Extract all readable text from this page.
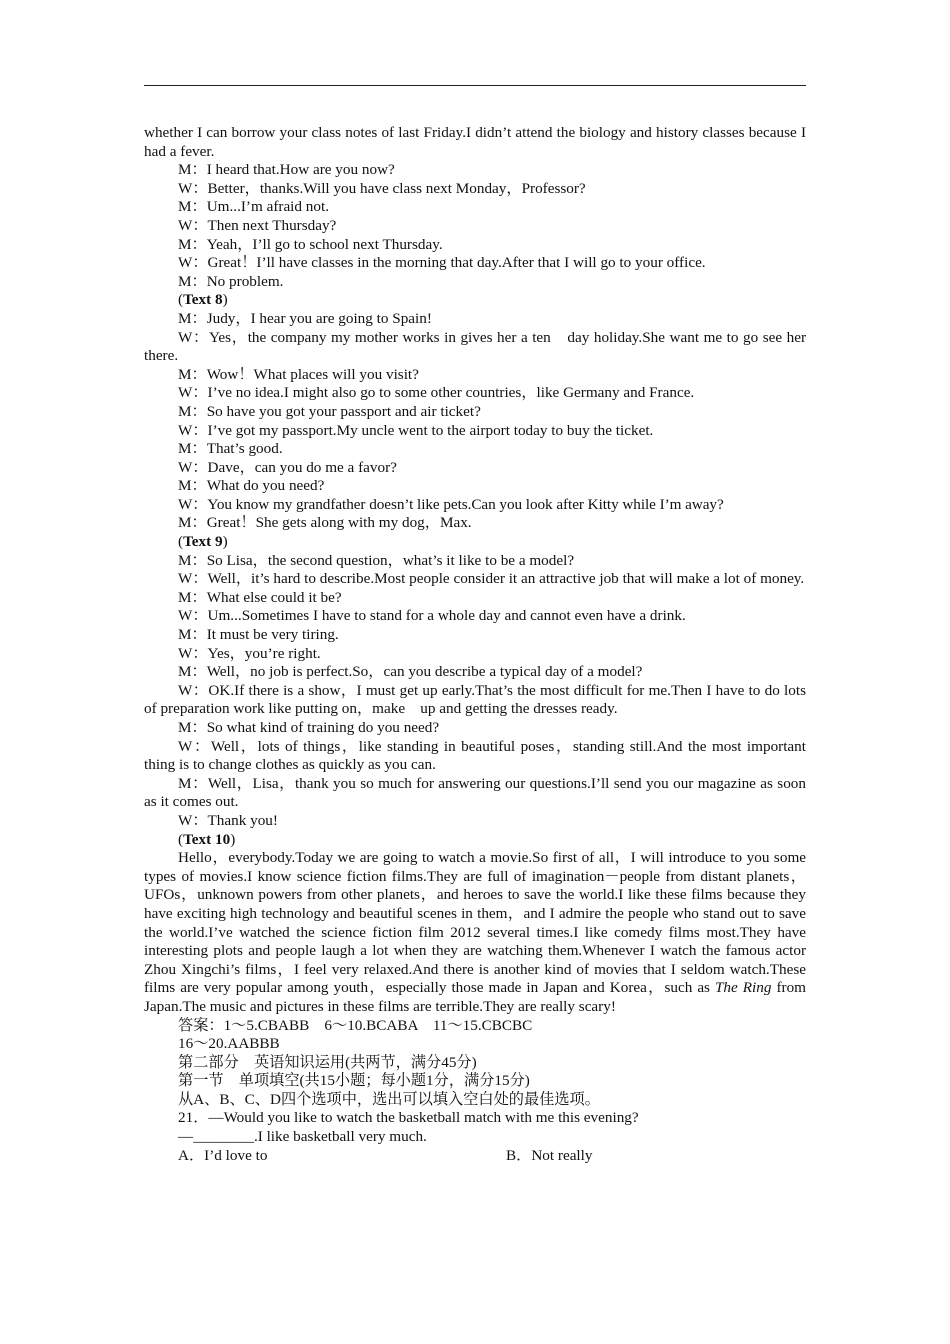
whether I can borrow your class notes of last Friday.I didn’t attend the biology and history classes because I had a fever.

M：I heard that.How are you now?

W：Better，thanks.Will you have class next Monday，Professor?

M：Um...I’m afraid not.

W：Then next Thursday?

M：Yeah，I’ll go to school next Thursday.

W：Great！I’ll have classes in the morning that day.After that I will go to your office.

M：No problem.

(Text 8)

M：Judy，I hear you are going to Spain!

W：Yes，the company my mother works in gives her a ten　day holiday.She want me to go see her there.

M：Wow！What places will you visit?

W：I’ve no idea.I might also go to some other countries，like Germany and France.

M：So have you got your passport and air ticket?

W：I’ve got my passport.My uncle went to the airport today to buy the ticket.

M：That’s good.

W：Dave，can you do me a favor?

M：What do you need?

W：You know my grandfather doesn’t like pets.Can you look after Kitty while I’m away?

M：Great！She gets along with my dog，Max.

(Text 9)

M：So Lisa，the second question，what’s it like to be a model?

W：Well，it’s hard to describe.Most people consider it an attractive job that will make a lot of money.

M：What else could it be?

W：Um...Sometimes I have to stand for a whole day and cannot even have a drink.

M：It must be very tiring.

W：Yes，you’re right.

M：Well，no job is perfect.So，can you describe a typical day of a model?

W：OK.If there is a show，I must get up early.That’s the most difficult for me.Then I have to do lots of preparation work like putting on，make　up and getting the dresses ready.

M：So what kind of training do you need?

W：Well，lots of things，like standing in beautiful poses，standing still.And the most important thing is to change clothes as quickly as you can.

M：Well，Lisa，thank you so much for answering our questions.I’ll send you our magazine as soon as it comes out.

W：Thank you!

(Text 10)

Hello，everybody.Today we are going to watch a movie.So first of all，I will introduce to you some types of movies.I know science fiction films.They are full of imagination－people from distant planets，UFOs，unknown powers from other planets，and heroes to save the world.I like these films because they have exciting high technology and beautiful scenes in them，and I admire the people who stand out to save the world.I’ve watched the science fiction film 2012 several times.I like comedy films most.They have interesting plots and people laugh a lot when they are watching them.Whenever I watch the famous actor Zhou Xingchi’s films，I feel very relaxed.And there is another kind of movies that I seldom watch.These films are very popular among youth，especially those made in Japan and Korea，such as The Ring from Japan.The music and pictures in these films are terrible.They are really scary!

答案：1～5.CBABB　6～10.BCABA　11～15.CBCBC

16～20.AABBB

第二部分　英语知识运用(共两节，满分45分)

第一节　单项填空(共15小题；每小题1分，满分15分)

从A、B、C、D四个选项中，选出可以填入空白处的最佳选项。

21．—Would you like to watch the basketball match with me this evening?

—________.I like basketball very much.

A．I’d love to	B．Not really
